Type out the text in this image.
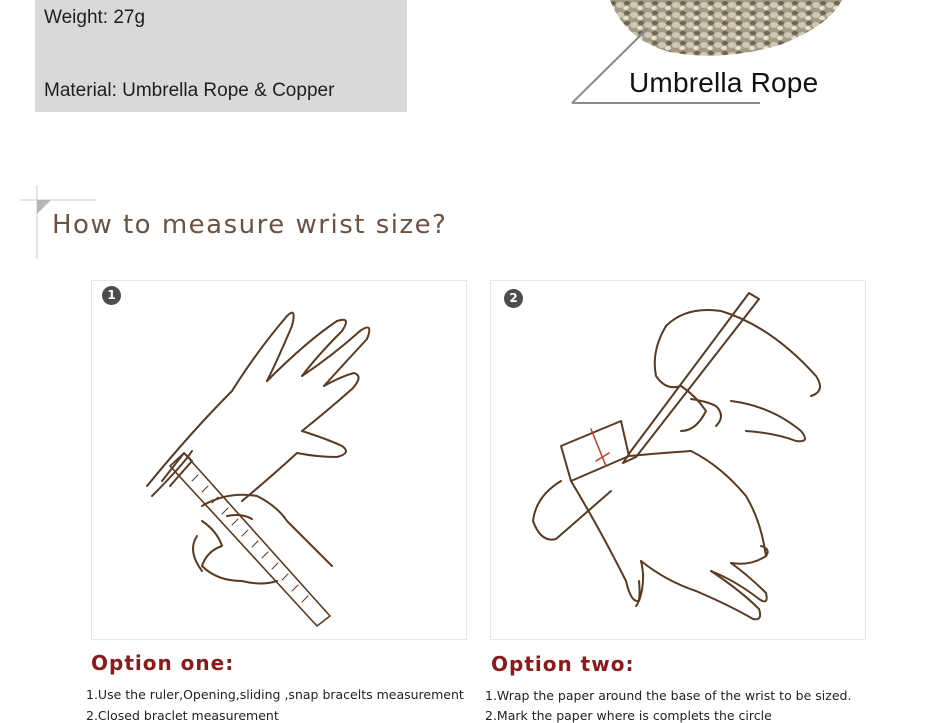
Weight: 27g
Material: Umbrella Rope & Copper	Umbrella Rope
How to measure wrist size?
1	2
Option one:
1.Use the ruler,Opening,sliding ,snap bracelts measurement
2.Closed braclet measurement
Option two:
1.Wrap the paper around the base of the wrist to be sized.
2.Mark the paper where is complets the circle
